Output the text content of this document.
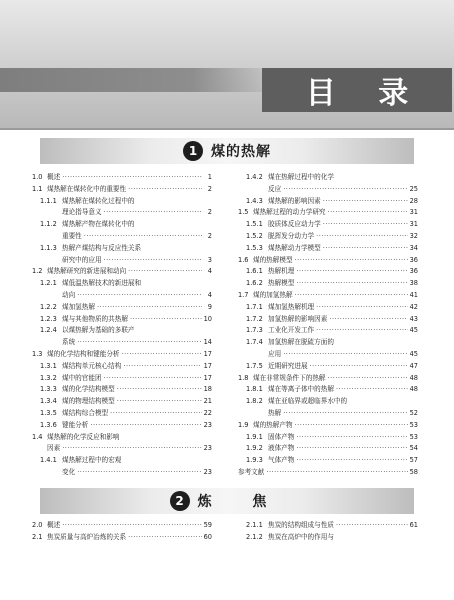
目 录
1 煤的热解
1.0 概述 ·····	1
1.1 煤热解在煤转化中的重要性 ·····	2
1.1.1 煤热解在煤转化过程中的
理论指导意义 ·····	2
1.1.2 煤热解产物在煤转化中的
重要性 ·····	2
1.1.3 热解产煤结构与反应性关系
研究中的应用 ·····	3
1.2 煤热解研究的新进展和动向 ·····	4
1.2.1 煤低温热解技术的新进展和
动向 ·····	4
1.2.2 煤加氢热解 ·····	9
1.2.3 煤与其他物质的共热解 ·····	10
1.2.4 以煤热解为基础的多联产
系统 ·····	14
1.3 煤的化学结构和键能分析 ·····	17
1.3.1 煤结构单元核心结构 ·····	17
1.3.2 煤中的官能团 ·····	17
1.3.3 煤的化学结构模型 ·····	18
1.3.4 煤的物理结构模型 ·····	21
1.3.5 煤结构综合模型 ·····	22
1.3.6 键能分析 ·····	23
1.4 煤热解的化学反应和影响
因素 ·····	23
1.4.1 煤热解过程中的宏观
变化 ·····	23
1.4.2 煤在热解过程中的化学
反应 ·····	25
1.4.3 煤热解的影响因素 ·····	28
1.5 煤热解过程的动力学研究 ·····	31
1.5.1 胶质体反应动力学 ·····	31
1.5.2 脱挥发分动力学 ·····	32
1.5.3 煤热解动力学模型 ·····	34
1.6 煤的热解模型 ·····	36
1.6.1 热解机理 ·····	36
1.6.2 热解模型 ·····	38
1.7 煤的加氢热解 ·····	41
1.7.1 煤加氢热解机理 ·····	42
1.7.2 加氢热解的影响因素 ·····	43
1.7.3 工业化开发工作 ·····	45
1.7.4 加氢热解在脱硫方面的
应用 ·····	45
1.7.5 近期研究进展 ·····	47
1.8 煤在非常规条件下的热解 ·····	48
1.8.1 煤在等离子体中的热解 ·····	48
1.8.2 煤在亚临界或超临界水中的
热解 ·····	52
1.9 煤的热解产物 ·····	53
1.9.1 固体产物 ·····	53
1.9.2 液体产物 ·····	54
1.9.3 气体产物 ·····	57
参考文献 ·····	58
2 炼 焦
2.0 概述 ·····	59
2.1 焦炭质量与高炉冶炼的关系 ·····	60
2.1.1 焦炭的结构组成与性质 ·····	61
2.1.2 焦炭在高炉中的作用与
